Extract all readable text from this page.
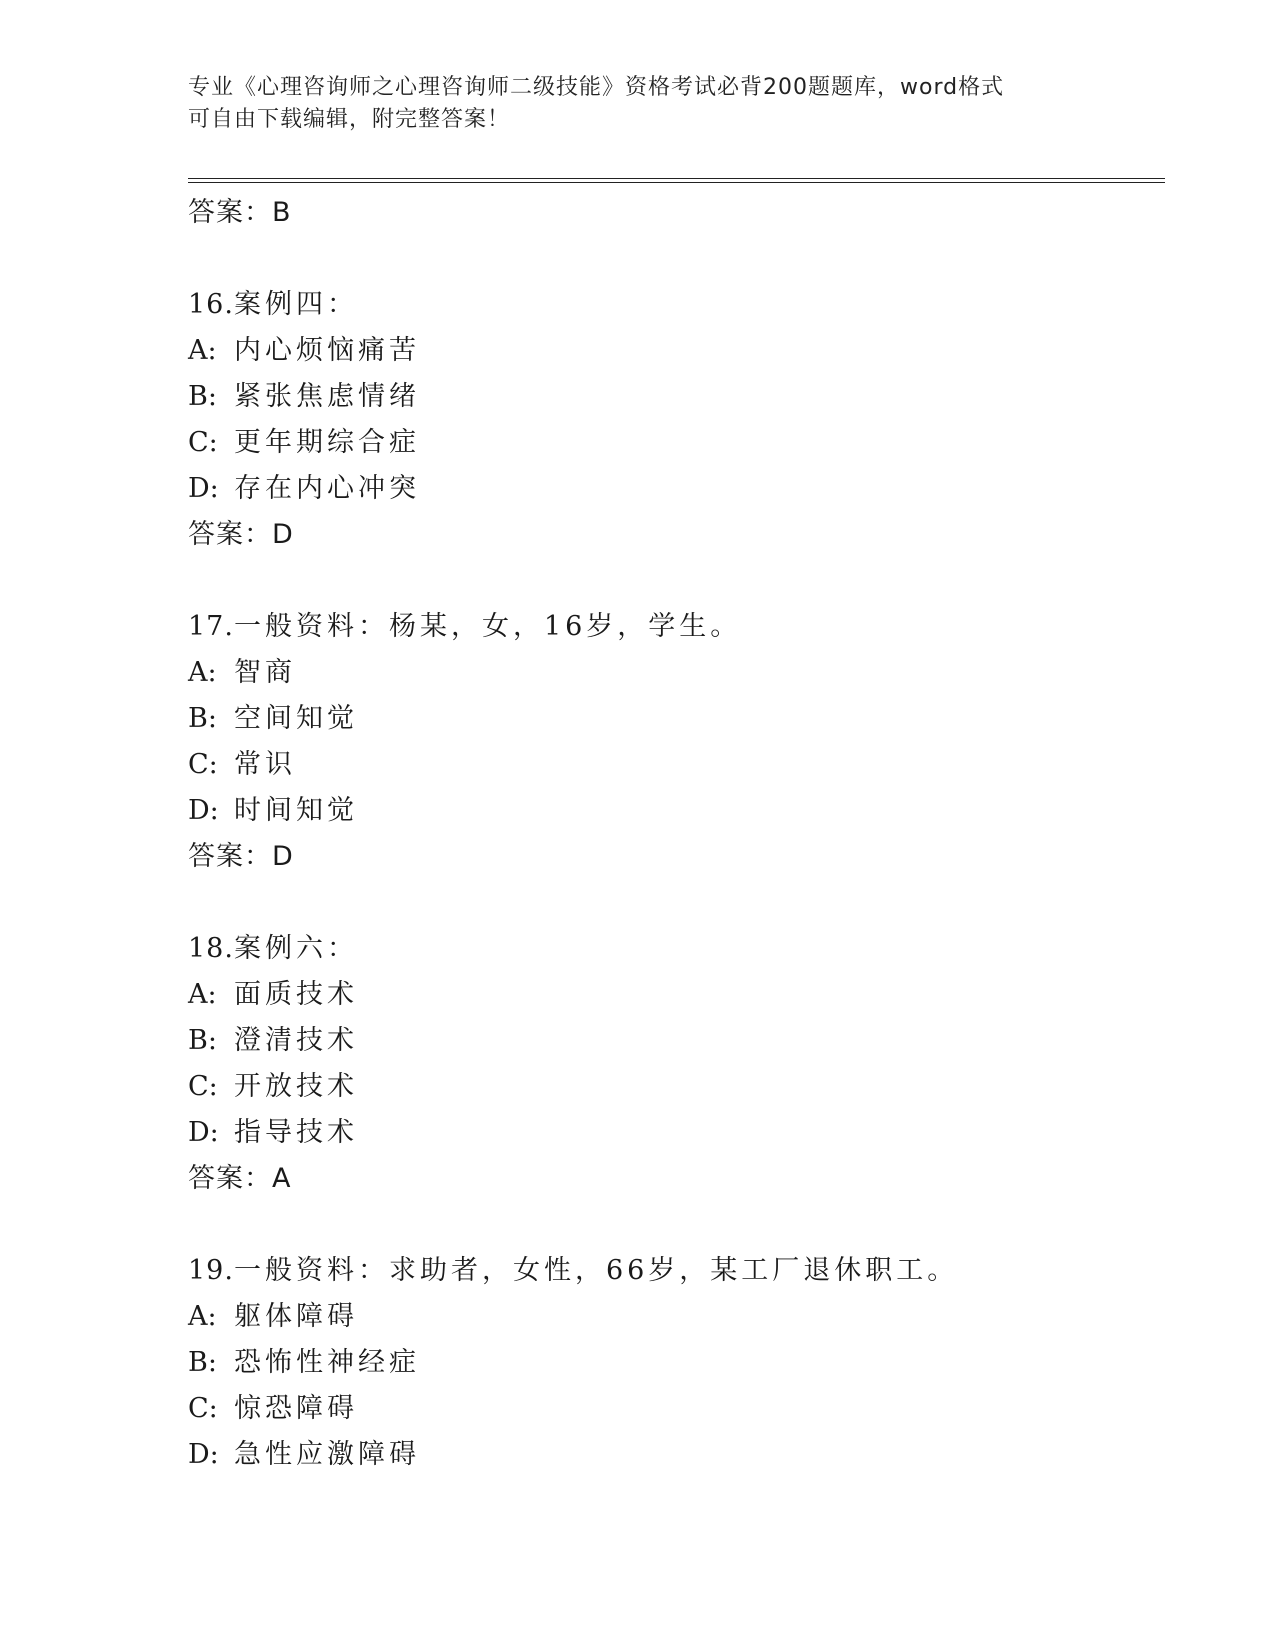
专业《心理咨询师之心理咨询师二级技能》资格考试必背200题题库，word格式
可自由下载编辑，附完整答案！
答案：B
16.案例四：
A: 内心烦恼痛苦
B: 紧张焦虑情绪
C: 更年期综合症
D: 存在内心冲突
答案：D
17.一般资料：杨某，女，16岁，学生。
A: 智商
B: 空间知觉
C: 常识
D: 时间知觉
答案：D
18.案例六：
A: 面质技术
B: 澄清技术
C: 开放技术
D: 指导技术
答案：A
19.一般资料：求助者，女性，66岁，某工厂退休职工。
A: 躯体障碍
B: 恐怖性神经症
C: 惊恐障碍
D: 急性应激障碍
